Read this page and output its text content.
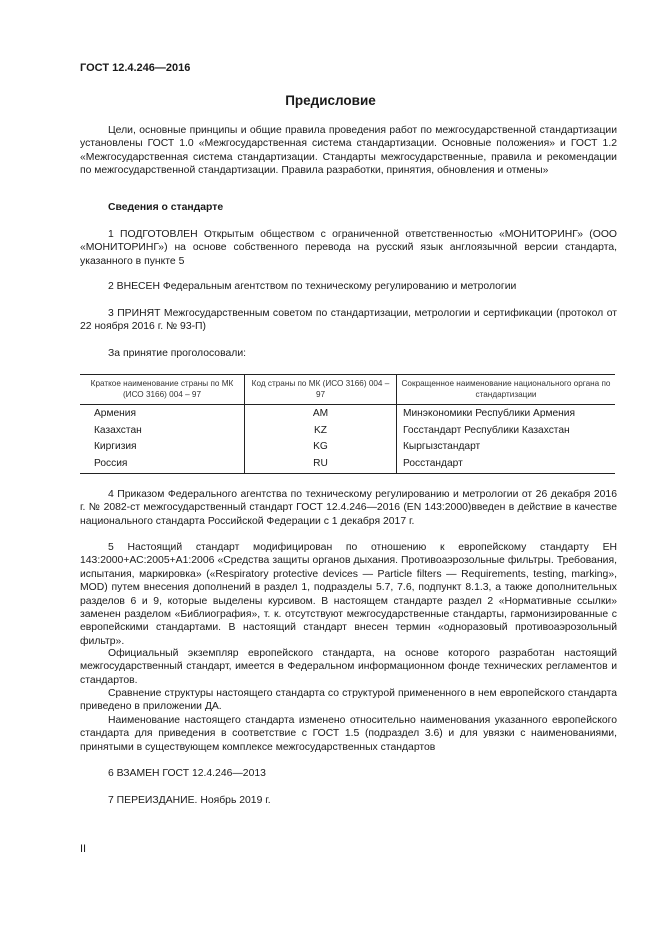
ГОСТ 12.4.246—2016
Предисловие

Цели, основные принципы и общие правила проведения работ по межгосударственной стандартизации установлены ГОСТ 1.0 «Межгосударственная система стандартизации. Основные положения» и ГОСТ 1.2 «Межгосударственная система стандартизации. Стандарты межгосударственные, правила и рекомендации по межгосударственной стандартизации. Правила разработки, принятия, обновления и отмены»

Сведения о стандарте

1 ПОДГОТОВЛЕН Открытым обществом с ограниченной ответственностью «МОНИТОРИНГ» (ООО «МОНИТОРИНГ») на основе собственного перевода на русский язык англоязычной версии стандарта, указанного в пункте 5

2 ВНЕСЕН Федеральным агентством по техническому регулированию и метрологии

3 ПРИНЯТ Межгосударственным советом по стандартизации, метрологии и сертификации (протокол от 22 ноября 2016 г. № 93-П)

За принятие проголосовали:

Краткое наименование страны по МК (ИСО 3166) 004 – 97	Код страны по МК (ИСО 3166) 004 – 97	Сокращенное наименование национального органа по стандартизации
Армения	AM	Минэкономики Республики Армения
Казахстан	KZ	Госстандарт Республики Казахстан
Киргизия	KG	Кыргызстандарт
Россия	RU	Росстандарт

4 Приказом Федерального агентства по техническому регулированию и метрологии от 26 декабря 2016 г. № 2082-ст межгосударственный стандарт ГОСТ 12.4.246—2016 (EN 143:2000)введен в действие в качестве национального стандарта Российской Федерации с 1 декабря 2017 г.

5 Настоящий стандарт модифицирован по отношению к европейскому стандарту ЕН 143:2000+АС:2005+А1:2006 «Средства защиты органов дыхания. Противоаэрозольные фильтры. Требования, испытания, маркировка» («Respiratory protective devices — Particle filters — Requirements, testing, marking», MOD) путем внесения дополнений в раздел 1, подразделы 5.7, 7.6, подпункт 8.1.3, а также дополнительных разделов 6 и 9, которые выделены курсивом. В настоящем стандарте раздел 2 «Нормативные ссылки» заменен разделом «Библиография», т. к. отсутствуют межгосударственные стандарты, гармонизированные с европейскими стандартами. В настоящий стандарт внесен термин «одноразовый противоаэрозольный фильтр».

Официальный экземпляр европейского стандарта, на основе которого разработан настоящий межгосударственный стандарт, имеется в Федеральном информационном фонде технических регламентов и стандартов.

Сравнение структуры настоящего стандарта со структурой примененного в нем европейского стандарта приведено в приложении ДА.

Наименование настоящего стандарта изменено относительно наименования указанного европейского стандарта для приведения в соответствие с ГОСТ 1.5 (подраздел 3.6) и для увязки с наименованиями, принятыми в существующем комплексе межгосударственных стандартов

6 ВЗАМЕН ГОСТ 12.4.246—2013

7 ПЕРЕИЗДАНИЕ. Ноябрь 2019 г.

II
